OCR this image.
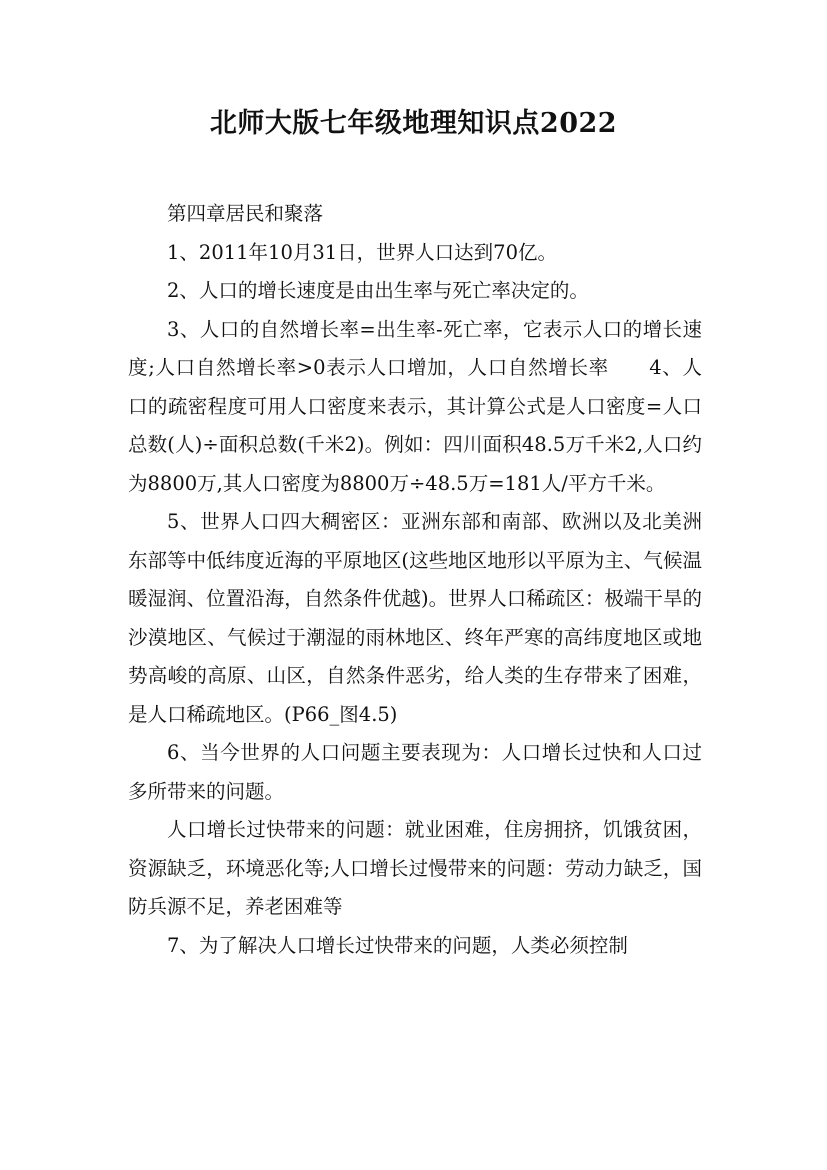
北师大版七年级地理知识点2022

第四章居民和聚落

1、2011年10月31日，世界人口达到70亿。

2、人口的增长速度是由出生率与死亡率决定的。

3、人口的自然增长率=出生率-死亡率，它表示人口的增长速度;人口自然增长率>0表示人口增加，人口自然增长率　　4、人口的疏密程度可用人口密度来表示，其计算公式是人口密度=人口总数(人)÷面积总数(千米2)。例如：四川面积48.5万千米2,人口约为8800万,其人口密度为8800万÷48.5万=181人/平方千米。

5、世界人口四大稠密区：亚洲东部和南部、欧洲以及北美洲东部等中低纬度近海的平原地区(这些地区地形以平原为主、气候温暖湿润、位置沿海，自然条件优越)。世界人口稀疏区：极端干旱的沙漠地区、气候过于潮湿的雨林地区、终年严寒的高纬度地区或地势高峻的高原、山区，自然条件恶劣，给人类的生存带来了困难，是人口稀疏地区。(P66_图4.5)

6、当今世界的人口问题主要表现为：人口增长过快和人口过多所带来的问题。

人口增长过快带来的问题：就业困难，住房拥挤，饥饿贫困，资源缺乏，环境恶化等;人口增长过慢带来的问题：劳动力缺乏，国防兵源不足，养老困难等

7、为了解决人口增长过快带来的问题，人类必须控制
